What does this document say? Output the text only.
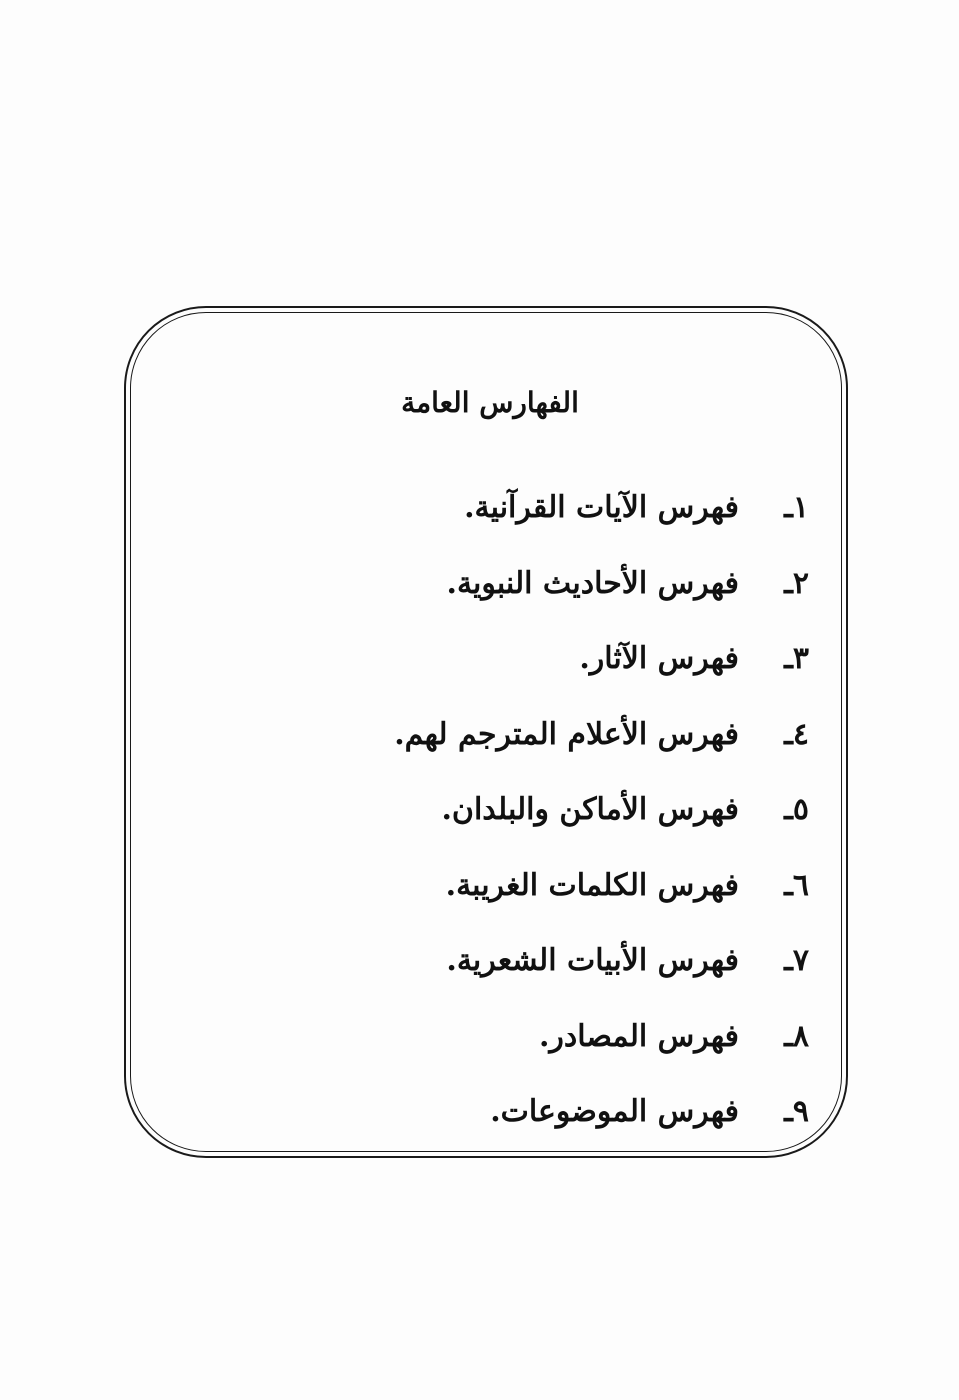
الفهارس العامة
١ـ
فهرس الآيات القرآنية.
٢ـ
فهرس الأحاديث النبوية.
٣ـ
فهرس الآثار.
٤ـ
فهرس الأعلام المترجم لهم.
٥ـ
فهرس الأماكن والبلدان.
٦ـ
فهرس الكلمات الغريبة.
٧ـ
فهرس الأبيات الشعرية.
٨ـ
فهرس المصادر.
٩ـ
فهرس الموضوعات.
